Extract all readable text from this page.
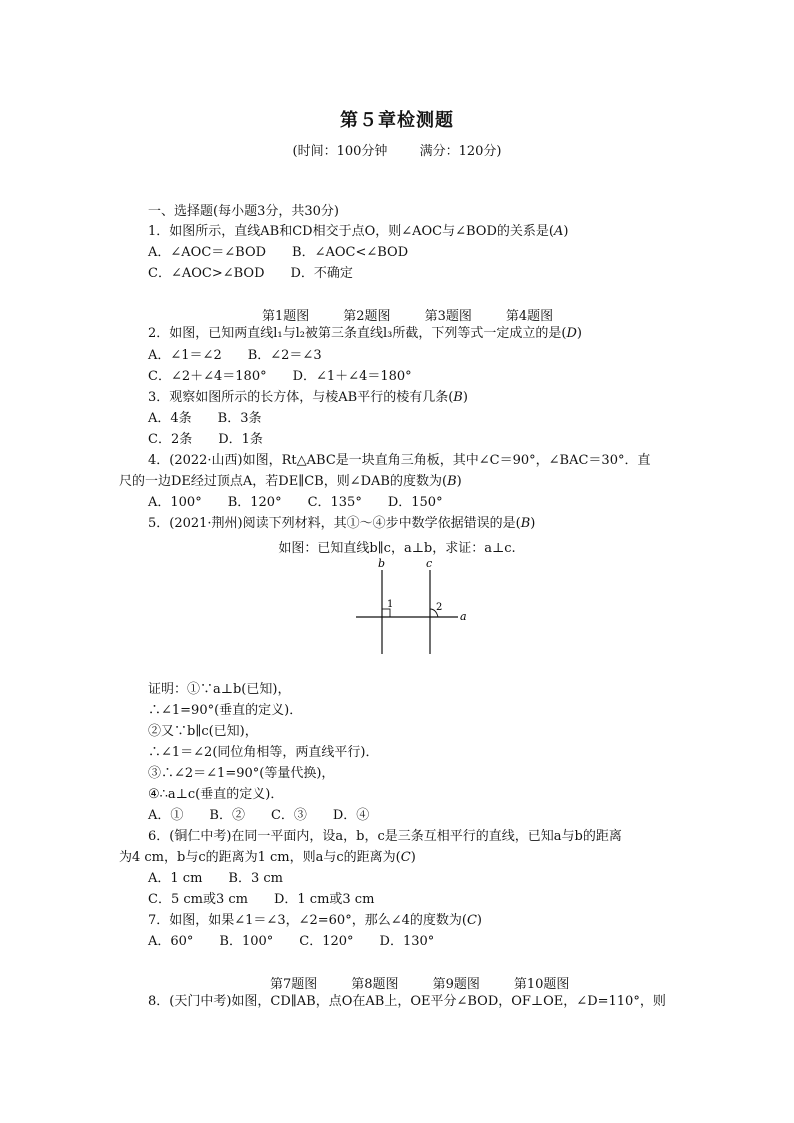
第５章检测题
(时间：100分钟 满分：120分)
一、选择题(每小题3分，共30分)
1．如图所示，直线AB和CD相交于点O，则∠AOC与∠BOD的关系是(A)
A．∠AOC＝∠BOD　　B．∠AOC<∠BOD
C．∠AOC>∠BOD　　D．不确定
第1题图	第2题图	第3题图	第4题图
2．如图，已知两直线l₁与l₂被第三条直线l₃所截，下列等式一定成立的是(D)
A．∠1＝∠2　　B．∠2＝∠3
C．∠2＋∠4＝180°　　D．∠1＋∠4＝180°
3．观察如图所示的长方体，与棱AB平行的棱有几条(B)
A．4条　　B．3条
C．2条　　D．1条
4．(2022·山西)如图，Rt△ABC是一块直角三角板，其中∠C＝90°，∠BAC＝30°．直
尺的一边DE经过顶点A，若DE∥CB，则∠DAB的度数为(B)
A．100°　　B．120°　　C．135°　　D．150°
5．(2021·荆州)阅读下列材料，其①～④步中数学依据错误的是(B)
如图：已知直线b∥c，a⊥b，求证：a⊥c.
b	c
a
1	2
证明：①∵a⊥b(已知)，
∴∠1=90°(垂直的定义)．
②又∵b∥c(已知)，
∴∠1＝∠2(同位角相等，两直线平行)．
③∴∠2＝∠1=90°(等量代换)，
④∴a⊥c(垂直的定义)．
A．①　　B．②　　C．③　　D．④
6．(铜仁中考)在同一平面内，设a，b，c是三条互相平行的直线，已知a与b的距离
为4 cm，b与c的距离为1 cm，则a与c的距离为(C)
A．1 cm　　B．3 cm
C．5 cm或3 cm　　D．1 cm或3 cm
7．如图，如果∠1＝∠3，∠2=60°，那么∠4的度数为(C)
A．60°　　B．100°　　C．120°　　D．130°
第7题图	第8题图	第9题图	第10题图
8．(天门中考)如图，CD∥AB，点O在AB上，OE平分∠BOD，OF⊥OE，∠D=110°，则
